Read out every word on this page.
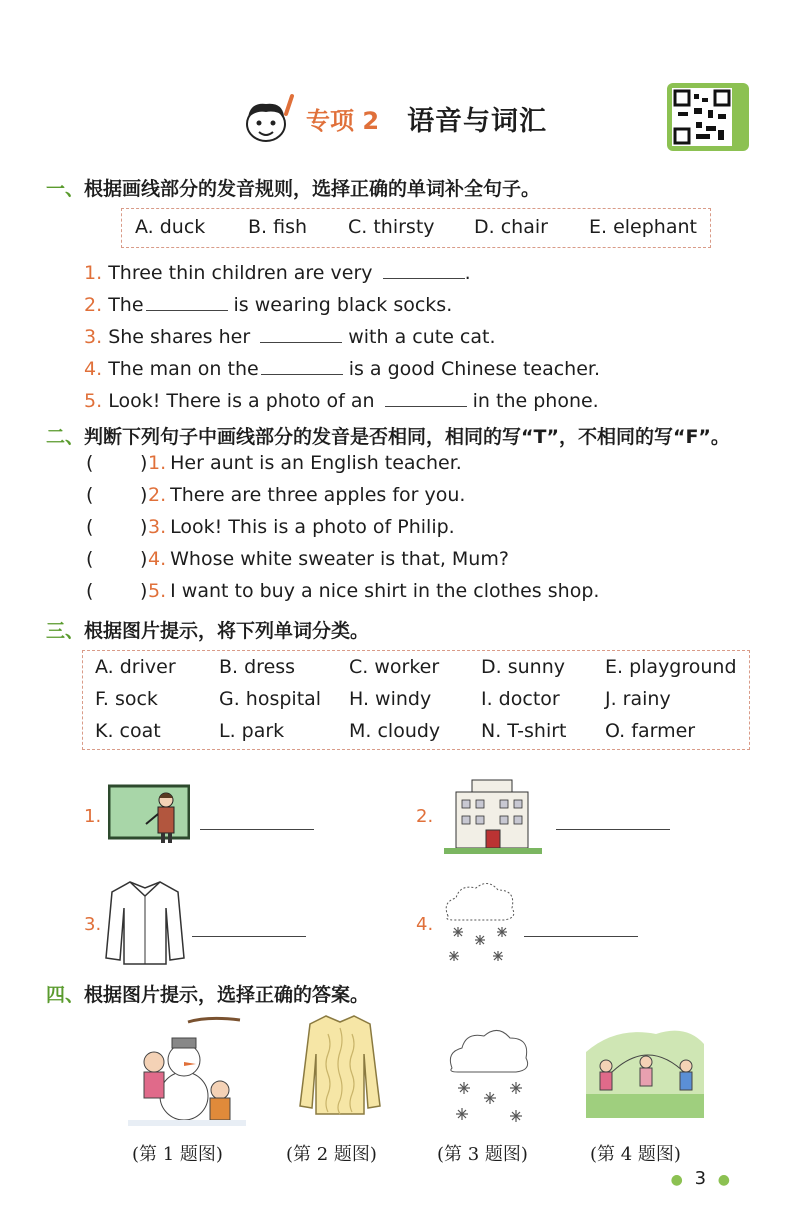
专项 2 语音与词汇
一、根据画线部分的发音规则，选择正确的单词补全句子。
A. duck B. fish C. thirsty D. chair E. elephant
1. Three thin children are very	.
2. The	is wearing black socks.
3. She shares her	with a cute cat.
4. The man on the	is a good Chinese teacher.
5. Look! There is a photo of an	in the phone.
二、判断下列句子中画线部分的发音是否相同，相同的写“T”，不相同的写“F”。
( ) 1. Her aunt is an English teacher.
( ) 2. There are three apples for you.
( ) 3. Look! This is a photo of Philip.
( ) 4. Whose white sweater is that, Mum?
( ) 5. I want to buy a nice shirt in the clothes shop.
三、根据图片提示，将下列单词分类。
A. driver B. dress	C. worker D. sunny E. playground
F. sock	G. hospital H. windy	I. doctor J. rainy
K. coat	L. park	M. cloudy N. T-shirt O. farmer
1.	2.
3.	4.
四、根据图片提示，选择正确的答案。
(第 1 题图)	(第 2 题图)	(第 3 题图)	(第 4 题图)
● 3 ●
